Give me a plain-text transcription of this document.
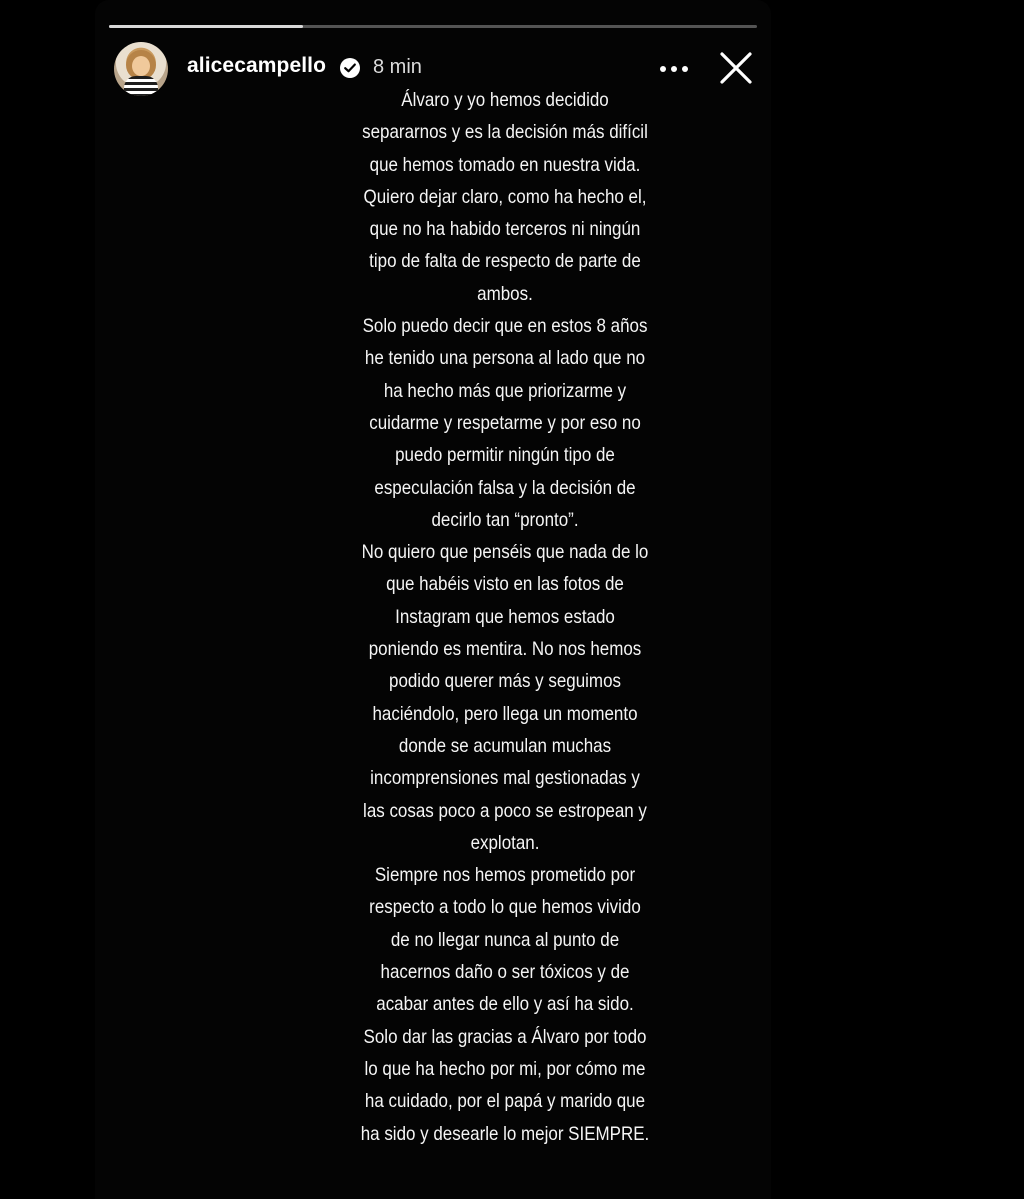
alicecampello 8 min
Álvaro y yo hemos decidido
separarnos y es la decisión más difícil
que hemos tomado en nuestra vida.
Quiero dejar claro, como ha hecho el,
que no ha habido terceros ni ningún
tipo de falta de respecto de parte de
ambos.
Solo puedo decir que en estos 8 años
he tenido una persona al lado que no
ha hecho más que priorizarme y
cuidarme y respetarme y por eso no
puedo permitir ningún tipo de
especulación falsa y la decisión de
decirlo tan “pronto”.
No quiero que penséis que nada de lo
que habéis visto en las fotos de
Instagram que hemos estado
poniendo es mentira. No nos hemos
podido querer más y seguimos
haciéndolo, pero llega un momento
donde se acumulan muchas
incomprensiones mal gestionadas y
las cosas poco a poco se estropean y
explotan.
Siempre nos hemos prometido por
respecto a todo lo que hemos vivido
de no llegar nunca al punto de
hacernos daño o ser tóxicos y de
acabar antes de ello y así ha sido.
Solo dar las gracias a Álvaro por todo
lo que ha hecho por mi, por cómo me
ha cuidado, por el papá y marido que
ha sido y desearle lo mejor SIEMPRE.
